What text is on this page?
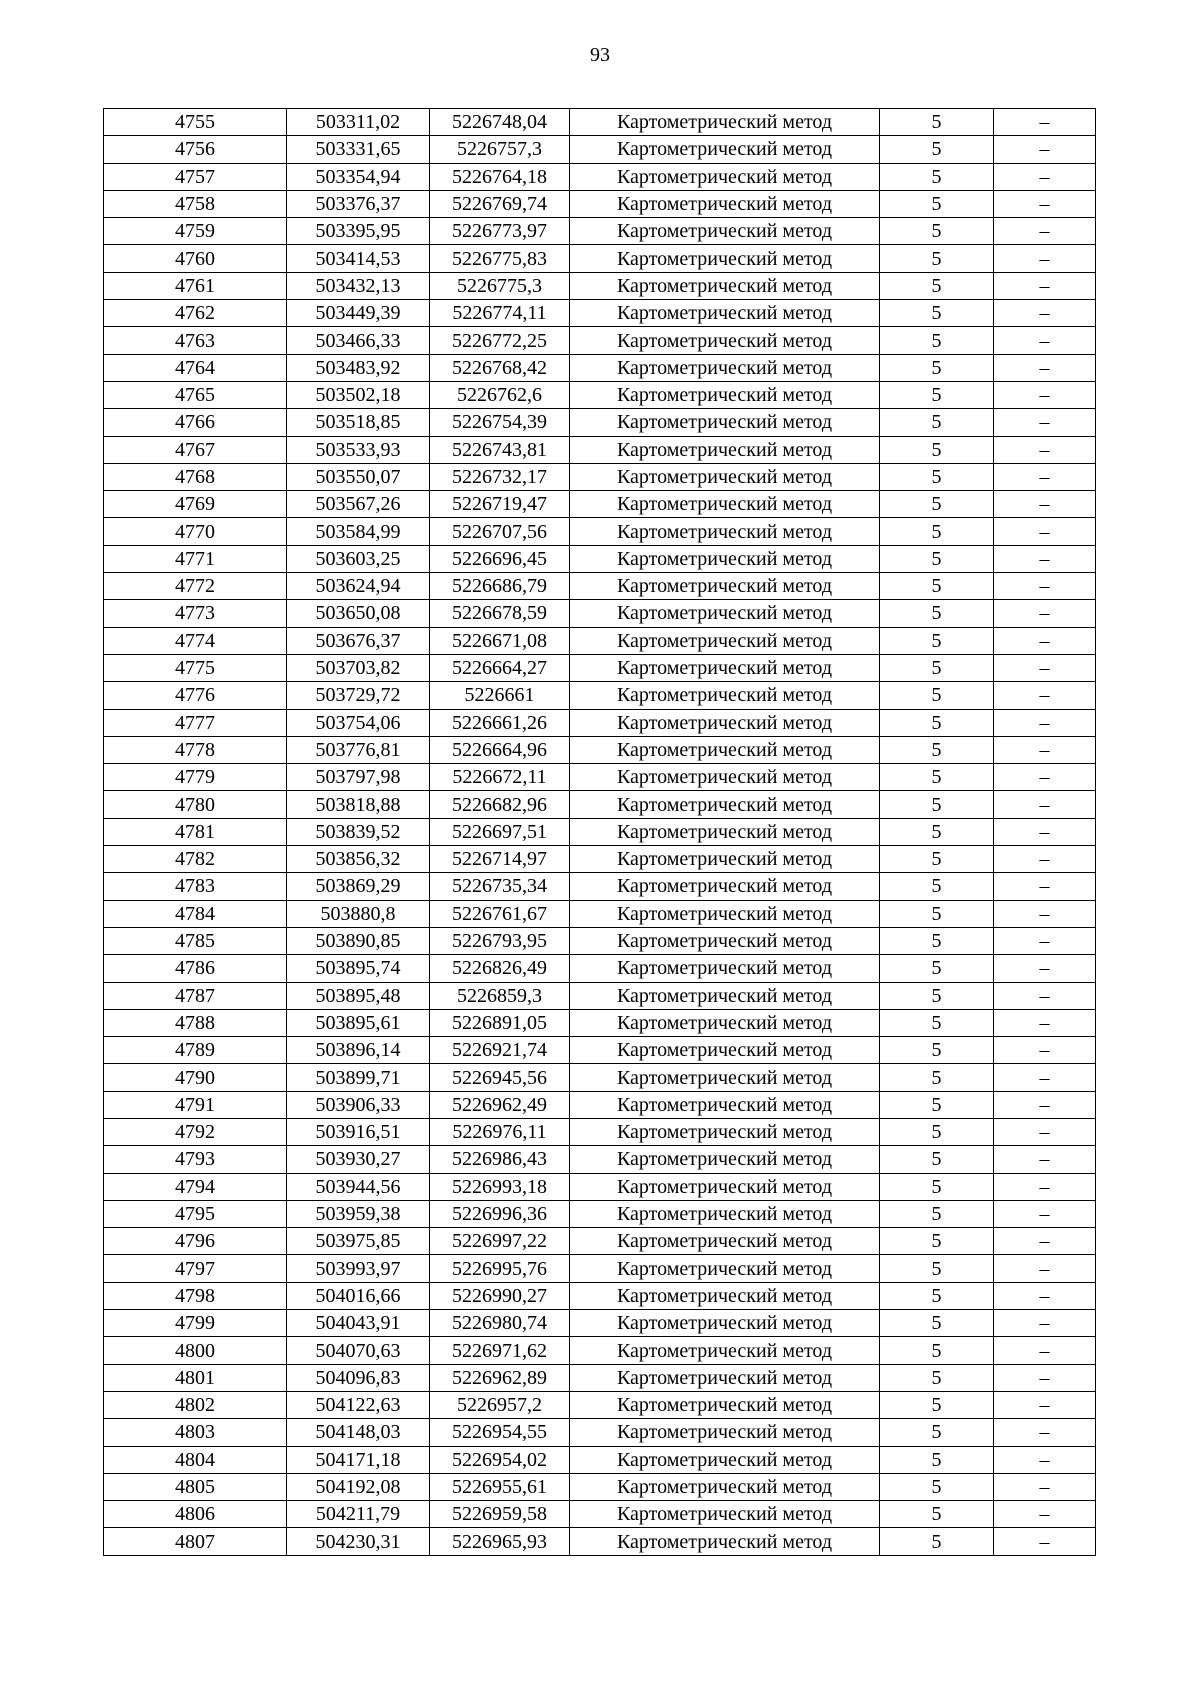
93
4755	503311,02	5226748,04	Картометрический метод	5	–
4756	503331,65	5226757,3	Картометрический метод	5	–
4757	503354,94	5226764,18	Картометрический метод	5	–
4758	503376,37	5226769,74	Картометрический метод	5	–
4759	503395,95	5226773,97	Картометрический метод	5	–
4760	503414,53	5226775,83	Картометрический метод	5	–
4761	503432,13	5226775,3	Картометрический метод	5	–
4762	503449,39	5226774,11	Картометрический метод	5	–
4763	503466,33	5226772,25	Картометрический метод	5	–
4764	503483,92	5226768,42	Картометрический метод	5	–
4765	503502,18	5226762,6	Картометрический метод	5	–
4766	503518,85	5226754,39	Картометрический метод	5	–
4767	503533,93	5226743,81	Картометрический метод	5	–
4768	503550,07	5226732,17	Картометрический метод	5	–
4769	503567,26	5226719,47	Картометрический метод	5	–
4770	503584,99	5226707,56	Картометрический метод	5	–
4771	503603,25	5226696,45	Картометрический метод	5	–
4772	503624,94	5226686,79	Картометрический метод	5	–
4773	503650,08	5226678,59	Картометрический метод	5	–
4774	503676,37	5226671,08	Картометрический метод	5	–
4775	503703,82	5226664,27	Картометрический метод	5	–
4776	503729,72	5226661	Картометрический метод	5	–
4777	503754,06	5226661,26	Картометрический метод	5	–
4778	503776,81	5226664,96	Картометрический метод	5	–
4779	503797,98	5226672,11	Картометрический метод	5	–
4780	503818,88	5226682,96	Картометрический метод	5	–
4781	503839,52	5226697,51	Картометрический метод	5	–
4782	503856,32	5226714,97	Картометрический метод	5	–
4783	503869,29	5226735,34	Картометрический метод	5	–
4784	503880,8	5226761,67	Картометрический метод	5	–
4785	503890,85	5226793,95	Картометрический метод	5	–
4786	503895,74	5226826,49	Картометрический метод	5	–
4787	503895,48	5226859,3	Картометрический метод	5	–
4788	503895,61	5226891,05	Картометрический метод	5	–
4789	503896,14	5226921,74	Картометрический метод	5	–
4790	503899,71	5226945,56	Картометрический метод	5	–
4791	503906,33	5226962,49	Картометрический метод	5	–
4792	503916,51	5226976,11	Картометрический метод	5	–
4793	503930,27	5226986,43	Картометрический метод	5	–
4794	503944,56	5226993,18	Картометрический метод	5	–
4795	503959,38	5226996,36	Картометрический метод	5	–
4796	503975,85	5226997,22	Картометрический метод	5	–
4797	503993,97	5226995,76	Картометрический метод	5	–
4798	504016,66	5226990,27	Картометрический метод	5	–
4799	504043,91	5226980,74	Картометрический метод	5	–
4800	504070,63	5226971,62	Картометрический метод	5	–
4801	504096,83	5226962,89	Картометрический метод	5	–
4802	504122,63	5226957,2	Картометрический метод	5	–
4803	504148,03	5226954,55	Картометрический метод	5	–
4804	504171,18	5226954,02	Картометрический метод	5	–
4805	504192,08	5226955,61	Картометрический метод	5	–
4806	504211,79	5226959,58	Картометрический метод	5	–
4807	504230,31	5226965,93	Картометрический метод	5	–
